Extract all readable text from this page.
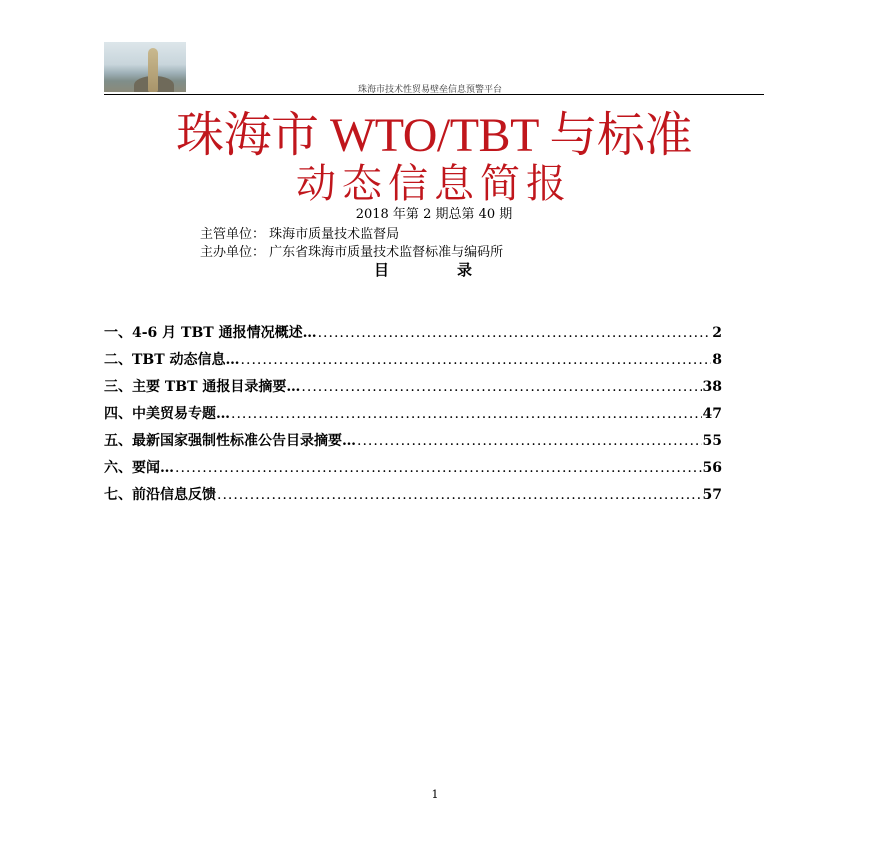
珠海市技术性贸易壁垒信息预警平台
珠海市 WTO/TBT 与标准
动态信息简报
2018 年第 2 期总第 40 期
主管单位： 珠海市质量技术监督局
主办单位： 广东省珠海市质量技术监督标准与编码所
目	录
一、4-6 月 TBT 通报情况概述… .....	2
二、TBT 动态信息… .....	8
三、主要 TBT 通报目录摘要… .....	38
四、中美贸易专题… .....	47
五、最新国家强制性标准公告目录摘要… .....	55
六、要闻… .....	56
七、前沿信息反馈 .....	57
1
